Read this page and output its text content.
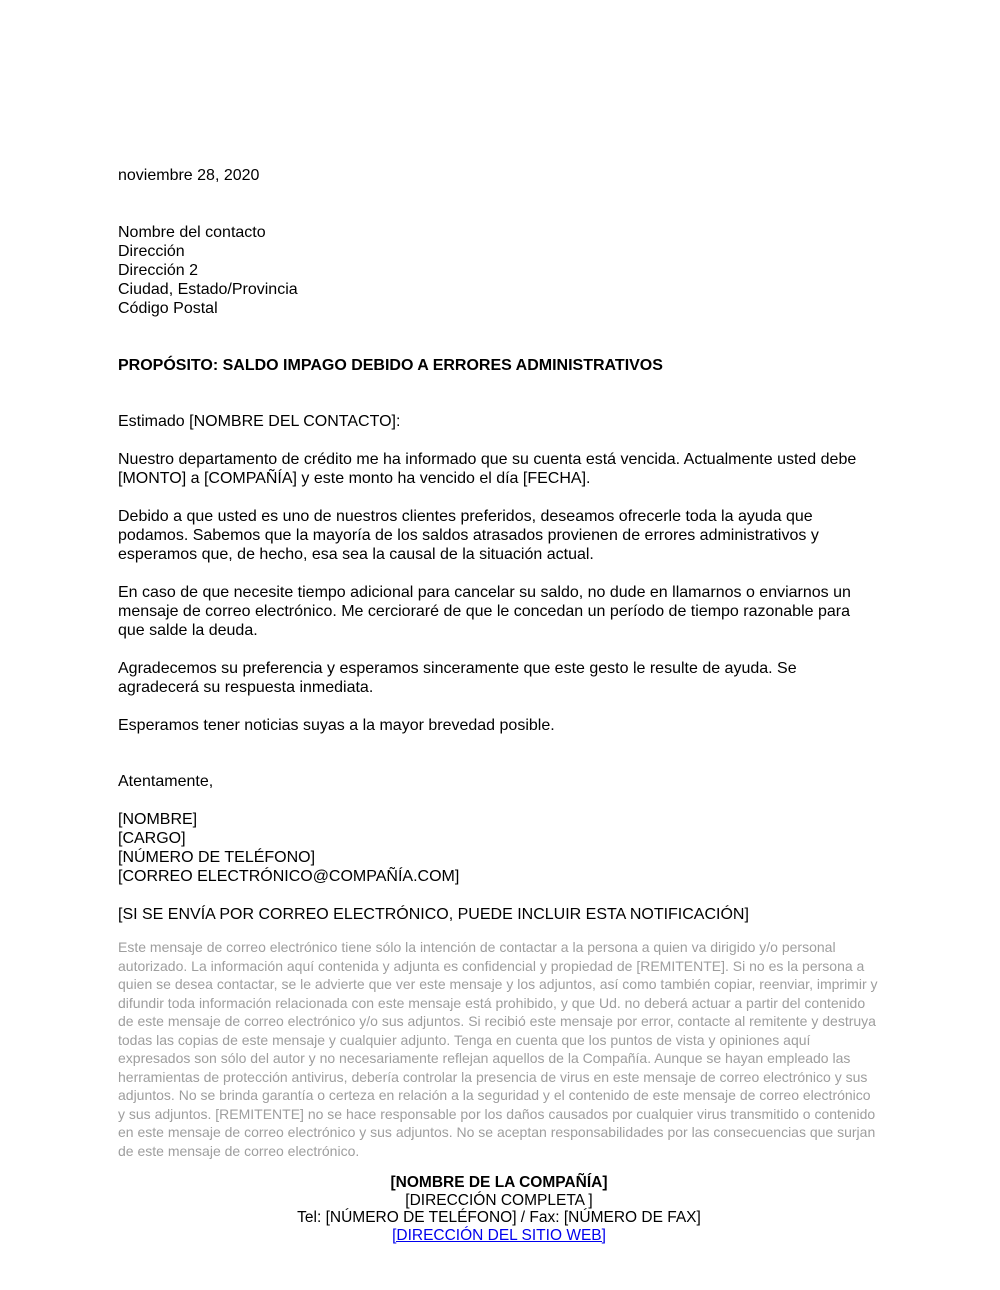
noviembre 28, 2020
Nombre del contacto
Dirección
Dirección 2
Ciudad, Estado/Provincia
Código Postal
PROPÓSITO: SALDO IMPAGO DEBIDO A ERRORES ADMINISTRATIVOS
Estimado [NOMBRE DEL CONTACTO]:

Nuestro departamento de crédito me ha informado que su cuenta está vencida. Actualmente usted debe [MONTO] a [COMPAÑÍA] y este monto ha vencido el día [FECHA].

Debido a que usted es uno de nuestros clientes preferidos, deseamos ofrecerle toda la ayuda que podamos. Sabemos que la mayoría de los saldos atrasados provienen de errores administrativos y esperamos que, de hecho, esa sea la causal de la situación actual.

En caso de que necesite tiempo adicional para cancelar su saldo, no dude en llamarnos o enviarnos un mensaje de correo electrónico. Me cercioraré de que le concedan un período de tiempo razonable para que salde la deuda.

Agradecemos su preferencia y esperamos sinceramente que este gesto le resulte de ayuda. Se agradecerá su respuesta inmediata.

Esperamos tener noticias suyas a la mayor brevedad posible.

Atentamente,
[NOMBRE]
[CARGO]
[NÚMERO DE TELÉFONO]
[CORREO ELECTRÓNICO@COMPAÑÍA.COM]
[SI SE ENVÍA POR CORREO ELECTRÓNICO, PUEDE INCLUIR ESTA NOTIFICACIÓN]

Este mensaje de correo electrónico tiene sólo la intención de contactar a la persona a quien va dirigido y/o personal autorizado. La información aquí contenida y adjunta es confidencial y propiedad de [REMITENTE]. Si no es la persona a quien se desea contactar, se le advierte que ver este mensaje y los adjuntos, así como también copiar, reenviar, imprimir y difundir toda información relacionada con este mensaje está prohibido, y que Ud. no deberá actuar a partir del contenido de este mensaje de correo electrónico y/o sus adjuntos. Si recibió este mensaje por error, contacte al remitente y destruya todas las copias de este mensaje y cualquier adjunto. Tenga en cuenta que los puntos de vista y opiniones aquí expresados son sólo del autor y no necesariamente reflejan aquellos de la Compañía. Aunque se hayan empleado las herramientas de protección antivirus, debería controlar la presencia de virus en este mensaje de correo electrónico y sus adjuntos. No se brinda garantía o certeza en relación a la seguridad y el contenido de este mensaje de correo electrónico y sus adjuntos. [REMITENTE] no se hace responsable por los daños causados por cualquier virus transmitido o contenido en este mensaje de correo electrónico y sus adjuntos. No se aceptan responsabilidades por las consecuencias que surjan de este mensaje de correo electrónico.

[NOMBRE DE LA COMPAÑÍA]
[DIRECCIÓN COMPLETA ]
Tel: [NÚMERO DE TELÉFONO] / Fax: [NÚMERO DE FAX]
[DIRECCIÓN DEL SITIO WEB]
